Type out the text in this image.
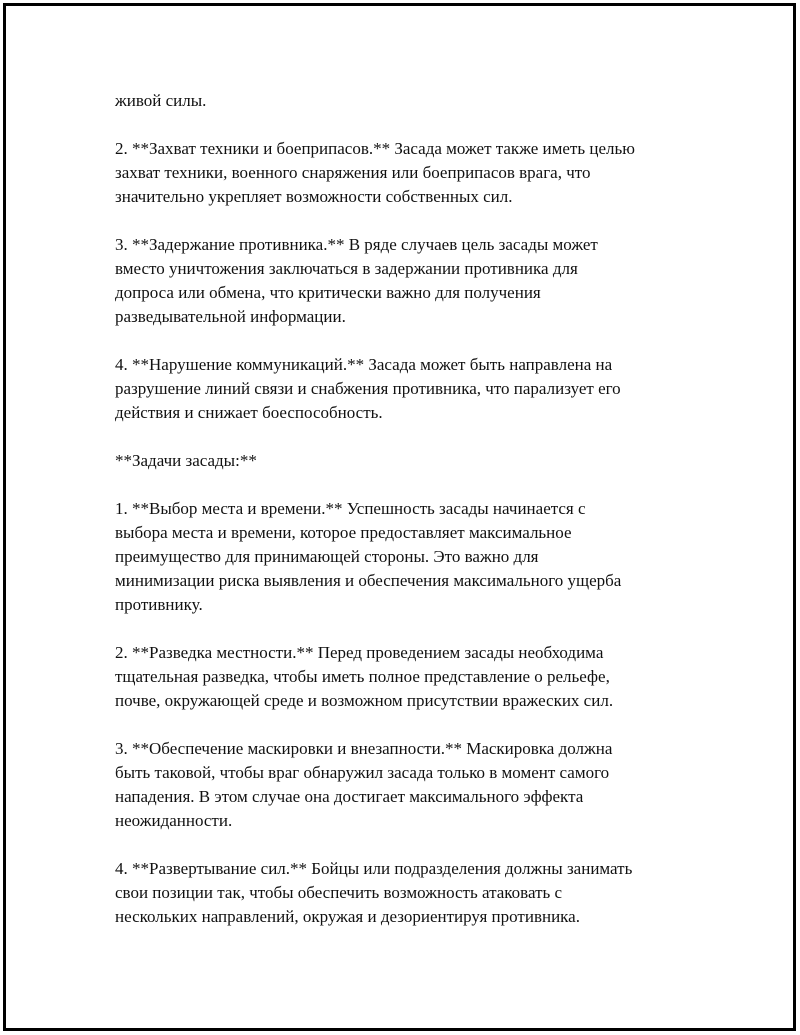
живой силы.

2. **Захват техники и боеприпасов.** Засада может также иметь целью
захват техники, военного снаряжения или боеприпасов врага, что
значительно укрепляет возможности собственных сил.

3. **Задержание противника.** В ряде случаев цель засады может
вместо уничтожения заключаться в задержании противника для
допроса или обмена, что критически важно для получения
разведывательной информации.

4. **Нарушение коммуникаций.** Засада может быть направлена на
разрушение линий связи и снабжения противника, что парализует его
действия и снижает боеспособность.

**Задачи засады:**

1. **Выбор места и времени.** Успешность засады начинается с
выбора места и времени, которое предоставляет максимальное
преимущество для принимающей стороны. Это важно для
минимизации риска выявления и обеспечения максимального ущерба
противнику.

2. **Разведка местности.** Перед проведением засады необходима
тщательная разведка, чтобы иметь полное представление о рельефе,
почве, окружающей среде и возможном присутствии вражеских сил.

3. **Обеспечение маскировки и внезапности.** Маскировка должна
быть таковой, чтобы враг обнаружил засада только в момент самого
нападения. В этом случае она достигает максимального эффекта
неожиданности.

4. **Развертывание сил.** Бойцы или подразделения должны занимать
свои позиции так, чтобы обеспечить возможность атаковать с
нескольких направлений, окружая и дезориентируя противника.
